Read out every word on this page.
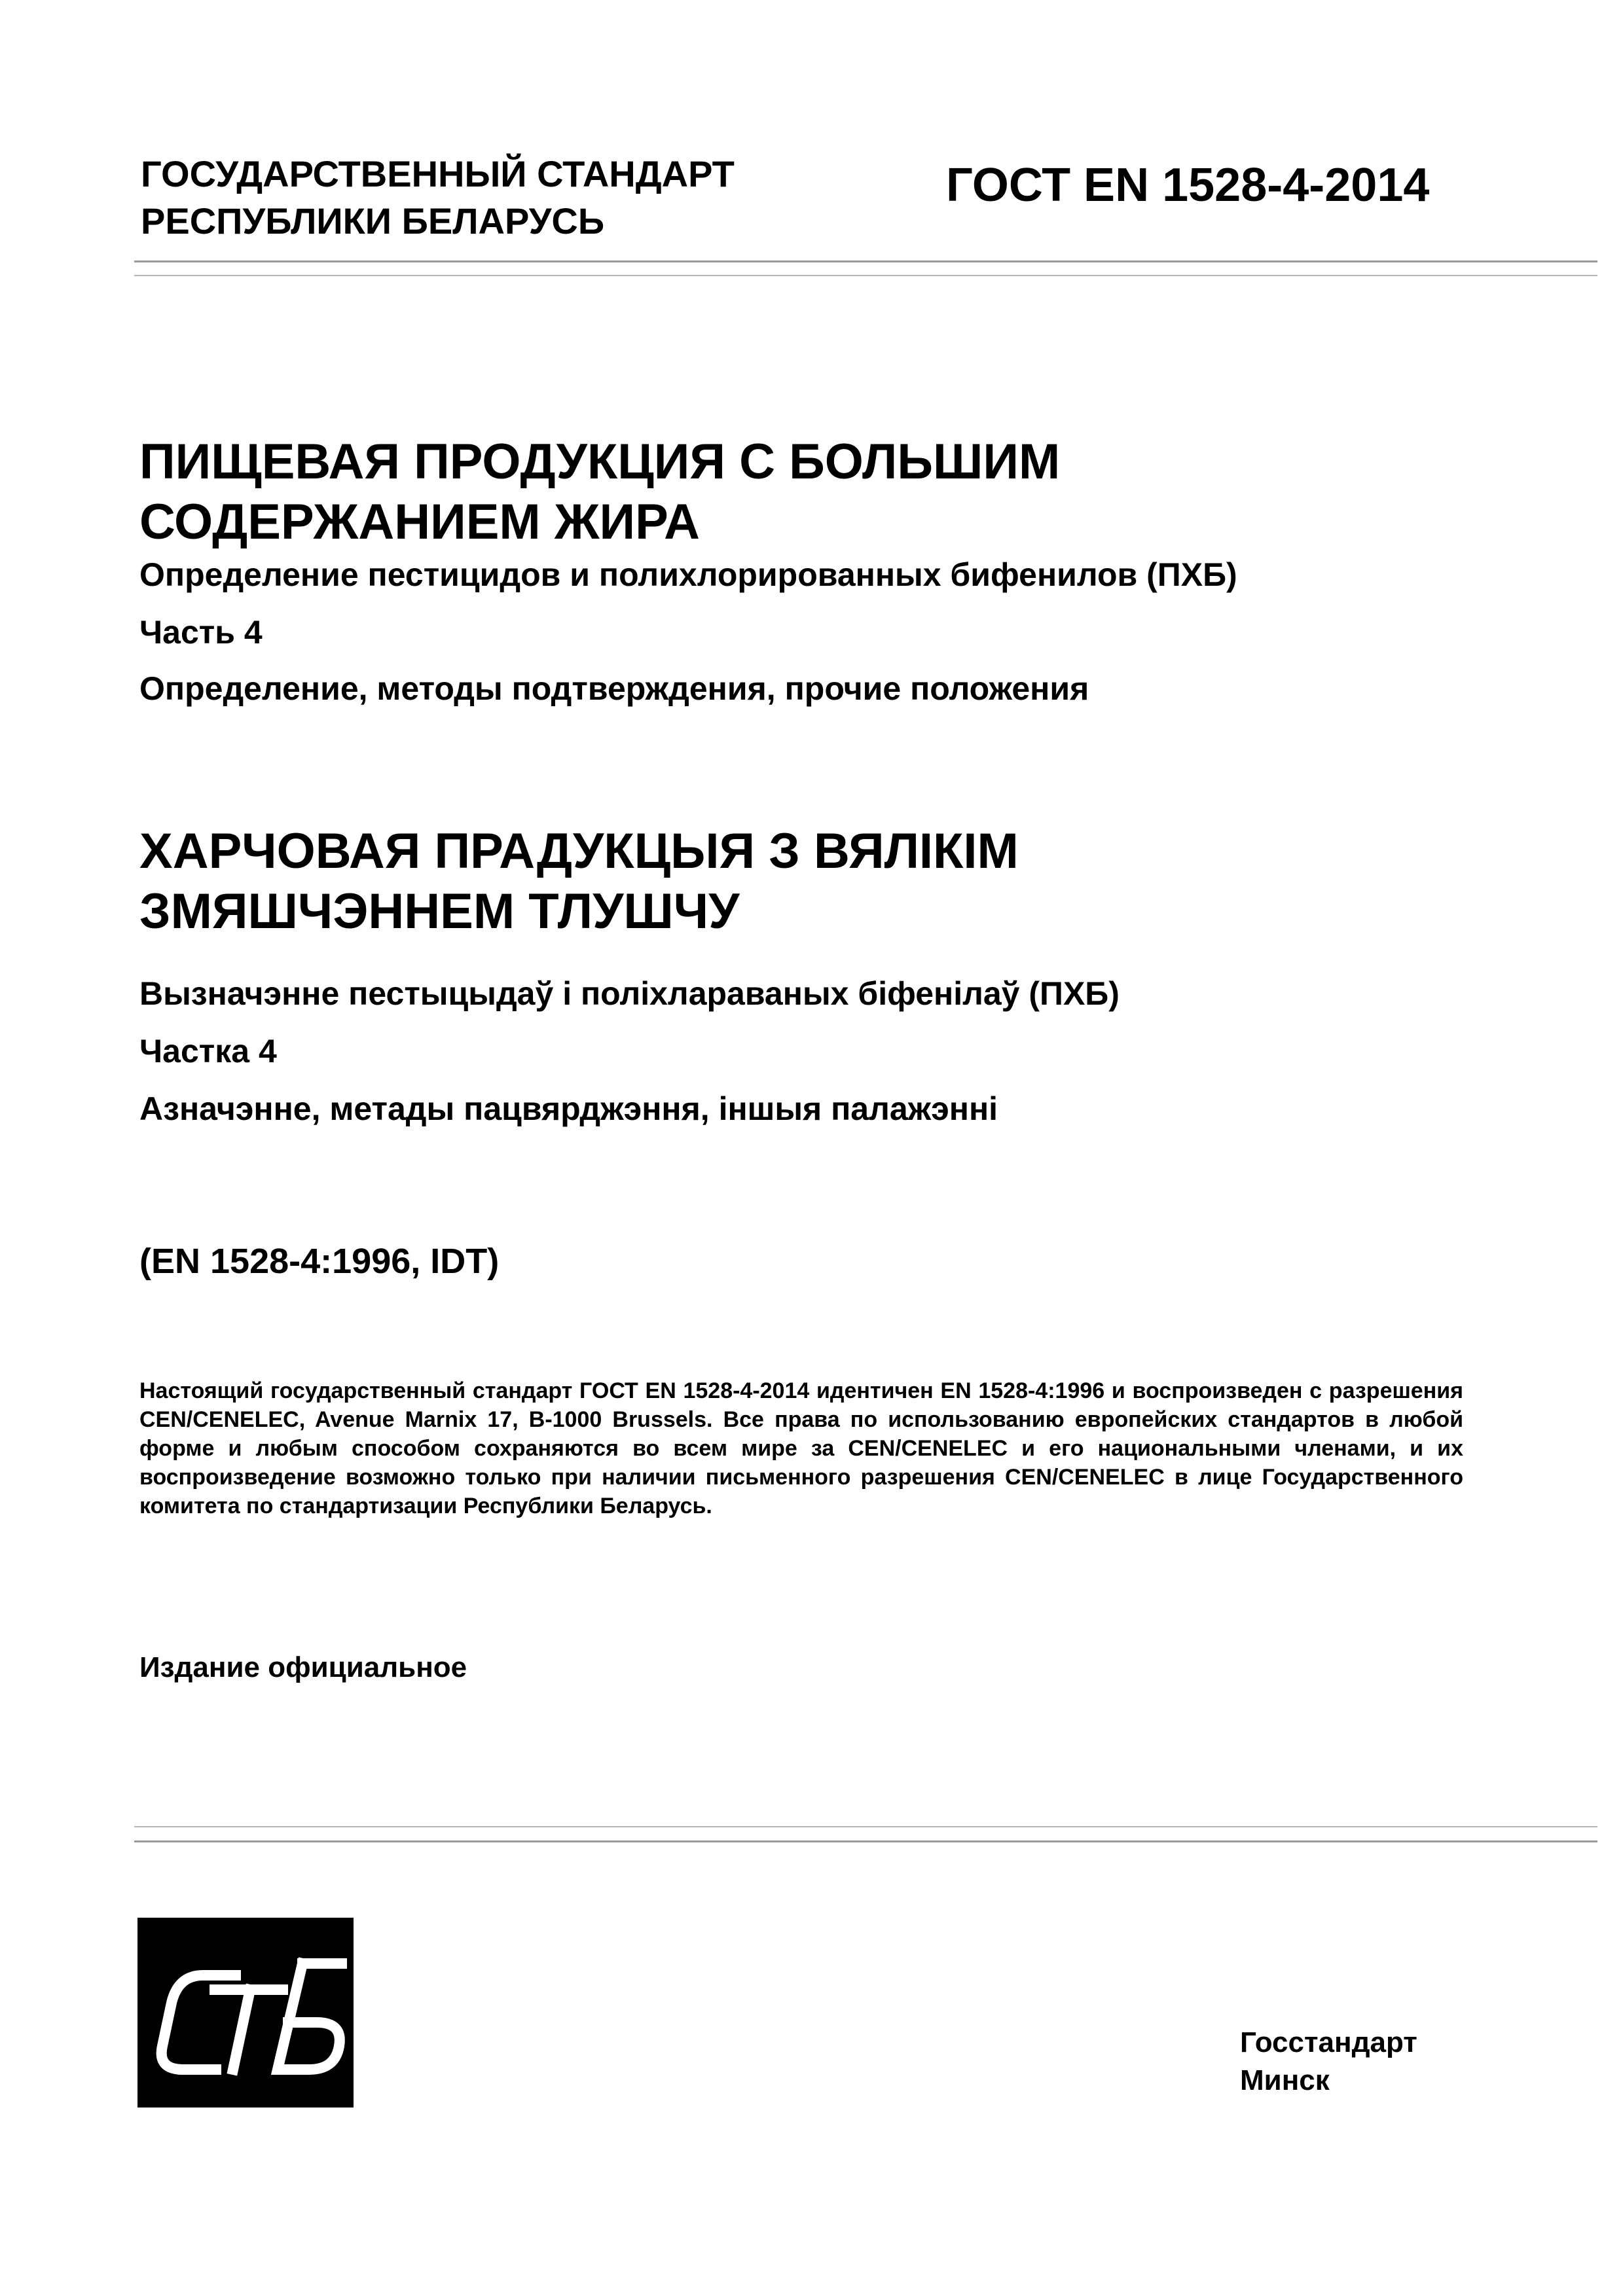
ГОСУДАРСТВЕННЫЙ СТАНДАРТ
РЕСПУБЛИКИ БЕЛАРУСЬ
ГОСТ EN 1528-4-2014
ПИЩЕВАЯ ПРОДУКЦИЯ С БОЛЬШИМ
СОДЕРЖАНИЕМ ЖИРА
Определение пестицидов и полихлорированных бифенилов (ПХБ)
Часть 4
Определение, методы подтверждения, прочие положения
ХАРЧОВАЯ ПРАДУКЦЫЯ З ВЯЛІКІМ
ЗМЯШЧЭННЕМ ТЛУШЧУ
Вызначэнне пестыцыдаў і поліхлараваных біфенілаў (ПХБ)
Частка 4
Азначэнне, метады пацвярджэння, іншыя палажэнні
(EN 1528-4:1996, IDT)
Настоящий государственный стандарт ГОСТ EN 1528-4-2014 идентичен EN 1528-4:1996 и воспроизведен с разрешения CEN/CENELEC, Avenue Marnix 17, B-1000 Brussels. Все права по использованию европейских стандартов в любой форме и любым способом сохраняются во всем мире за CEN/CENELEC и его национальными членами, и их воспроизведение возможно только при наличии письменного разрешения CEN/CENELEC в лице Государственного комитета по стандартизации Республики Беларусь.
Издание официальное
Госстандарт
Минск
